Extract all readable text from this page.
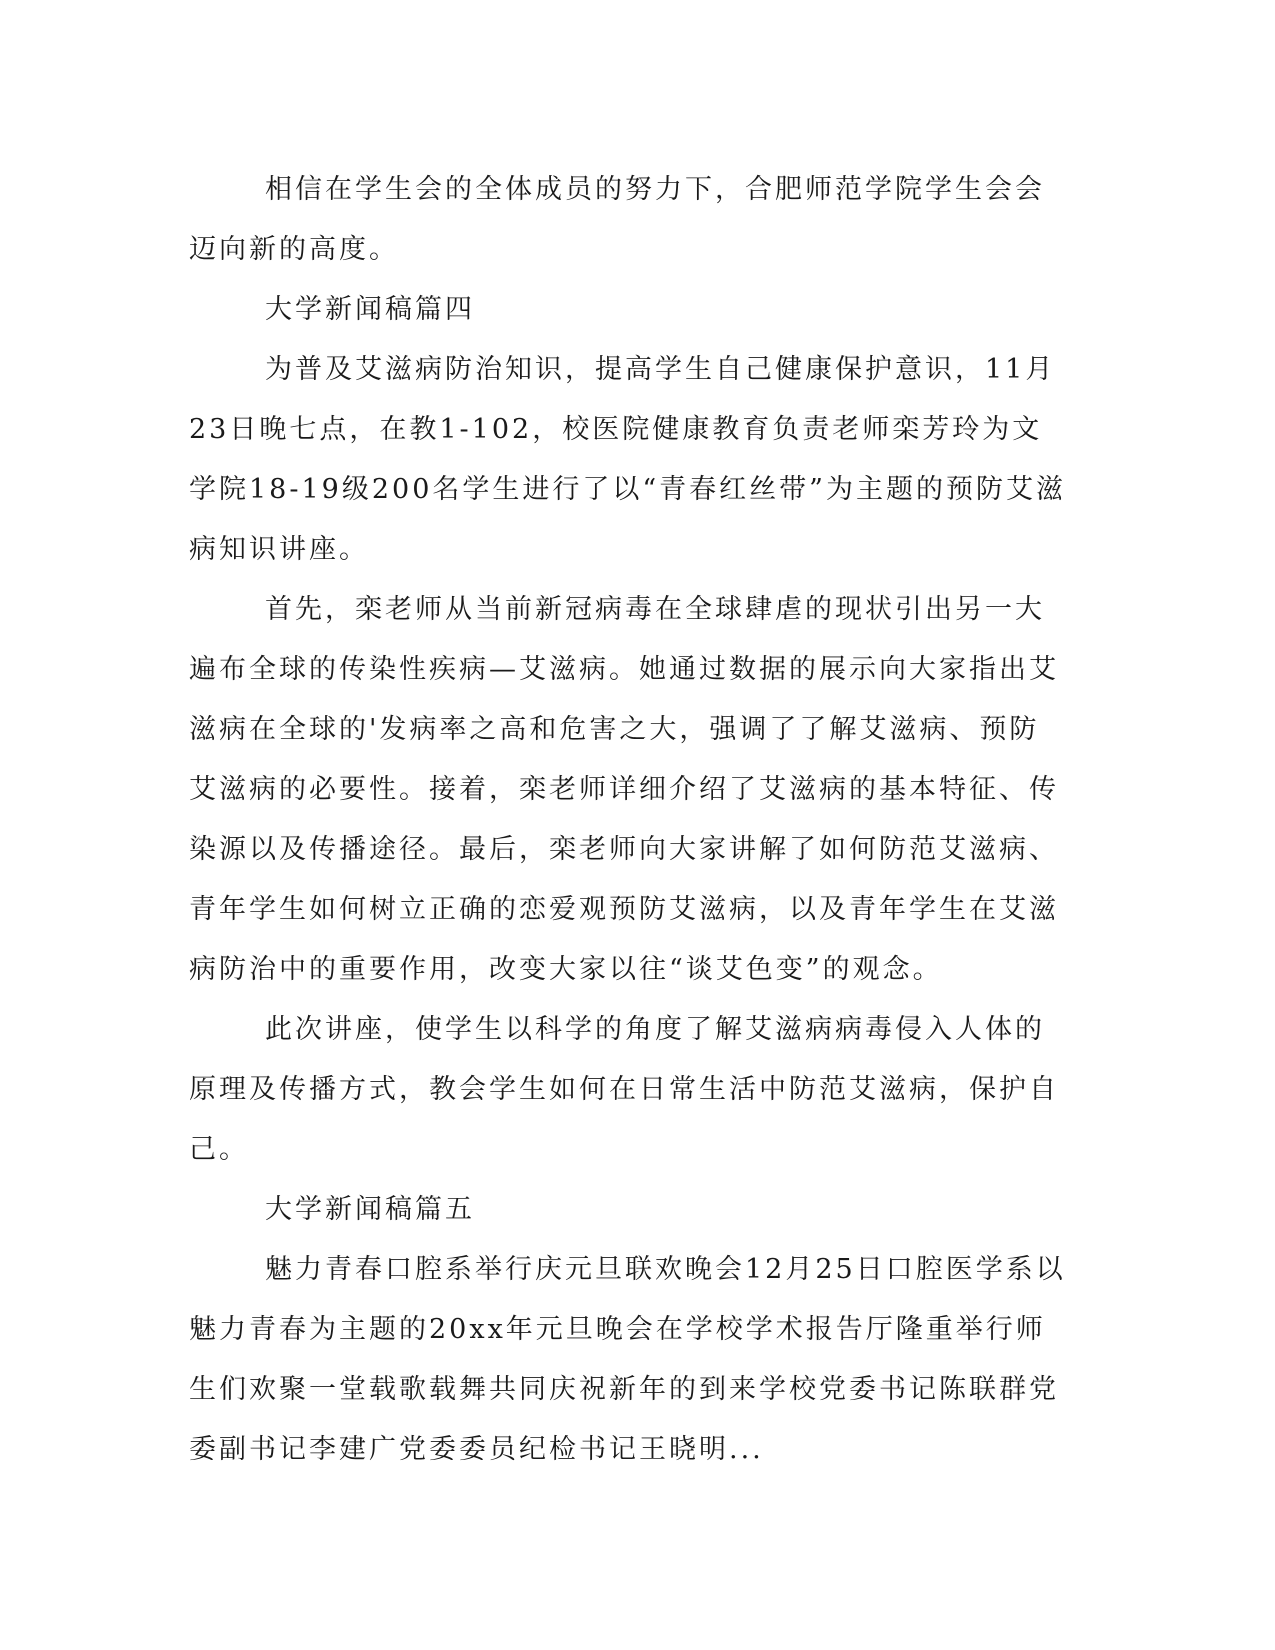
相信在学生会的全体成员的努力下，合肥师范学院学生会会迈向新的高度。

大学新闻稿篇四

为普及艾滋病防治知识，提高学生自己健康保护意识，11月23日晚七点，在教1-102，校医院健康教育负责老师栾芳玲为文学院18-19级200名学生进行了以“青春红丝带”为主题的预防艾滋病知识讲座。

首先，栾老师从当前新冠病毒在全球肆虐的现状引出另一大遍布全球的传染性疾病—艾滋病。她通过数据的展示向大家指出艾滋病在全球的'发病率之高和危害之大，强调了了解艾滋病、预防艾滋病的必要性。接着，栾老师详细介绍了艾滋病的基本特征、传染源以及传播途径。最后，栾老师向大家讲解了如何防范艾滋病、青年学生如何树立正确的恋爱观预防艾滋病，以及青年学生在艾滋病防治中的重要作用，改变大家以往“谈艾色变”的观念。

此次讲座，使学生以科学的角度了解艾滋病病毒侵入人体的原理及传播方式，教会学生如何在日常生活中防范艾滋病，保护自己。

大学新闻稿篇五

魅力青春口腔系举行庆元旦联欢晚会12月25日口腔医学系以魅力青春为主题的20xx年元旦晚会在学校学术报告厅隆重举行师生们欢聚一堂载歌载舞共同庆祝新年的到来学校党委书记陈联群党委副书记李建广党委委员纪检书记王晓明...
